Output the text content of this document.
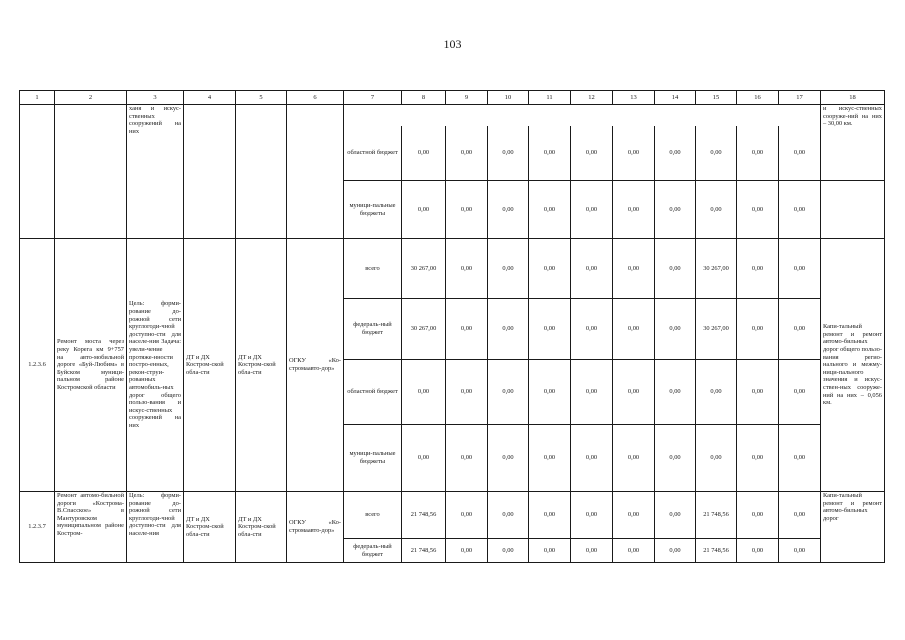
103
1	2	3	4	5	6	7	8	9	10	11	12	13	14	15	16	17	18
		ханя и искус-ственных сооружений на них															и искус-ственных сооруже-ний на них – 30,00 км.
						областной бюджет	0,00	0,00	0,00	0,00	0,00	0,00	0,00	0,00	0,00	0,00	
						муници-пальные бюджеты	0,00	0,00	0,00	0,00	0,00	0,00	0,00	0,00	0,00	0,00	
1.2.3.6	Ремонт моста через реку Корега км 9+757 на авто-мобильной дороге «Буй-Любим» в Буйском муници-пальном районе Костромской области	Цель: форми-рование до-рожной сети круглогоди-чной доступно-сти для населе-ния Задача: увели-чение протяже-нности постро-енных, рекон-струи-рованных автомобиль-ных дорог общего пользо-вания и искус-ственных сооружений на них	ДТ и ДХ Костром-ской обла-сти	ДТ и ДХ Костром-ской обла-сти	ОГКУ «Ко-стромаавто-дор»	всего	30 267,00	0,00	0,00	0,00	0,00	0,00	0,00	30 267,00	0,00	0,00	Капи-тальный ремонт и ремонт автомо-бильных дорог общего пользо-вания регио-нального и межму-ници-пального значения и искус-ствен-ных сооруже-ний на них – 0,056 км.
						федераль-ный бюджет	30 267,00	0,00	0,00	0,00	0,00	0,00	0,00	30 267,00	0,00	0,00	
						областной бюджет	0,00	0,00	0,00	0,00	0,00	0,00	0,00	0,00	0,00	0,00	
						муници-пальные бюджеты	0,00	0,00	0,00	0,00	0,00	0,00	0,00	0,00	0,00	0,00	
1.2.3.7	Ремонт автомо-бильной дороги «Кострома-В.Спасское» в Мантуровском муниципальном районе Костром-	Цель: форми-рование до-рожной сети круглогоди-чной доступно-сти для населе-ния	ДТ и ДХ Костром-ской обла-сти	ДТ и ДХ Костром-ской обла-сти	ОГКУ «Ко-стромаавто-дор»	всего	21 748,56	0,00	0,00	0,00	0,00	0,00	0,00	21 748,56	0,00	0,00	Капи-тальный ремонт и ремонт автомо-бильных дорог
						федераль-ный бюджет	21 748,56	0,00	0,00	0,00	0,00	0,00	0,00	21 748,56	0,00	0,00	
